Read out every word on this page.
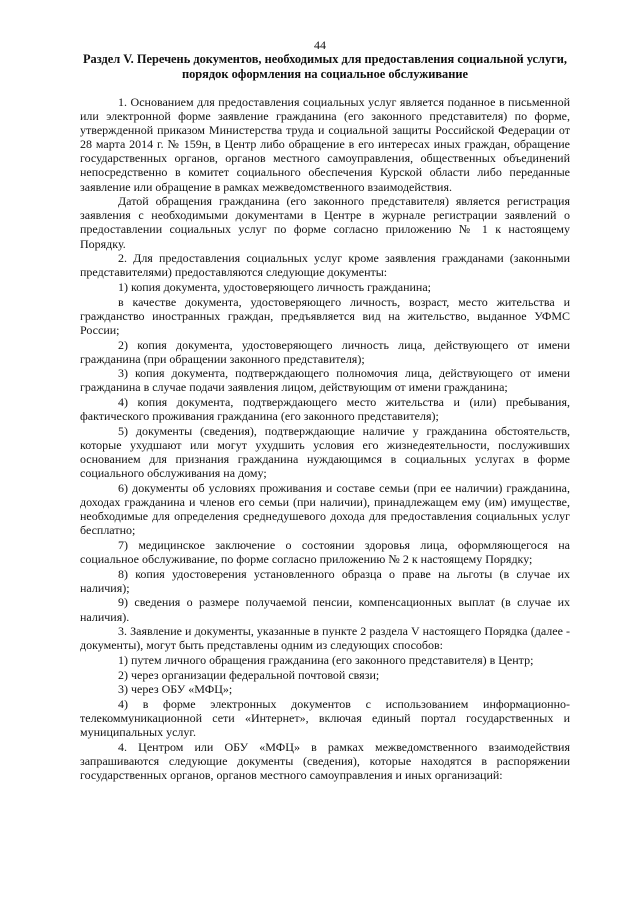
44
Раздел V. Перечень документов, необходимых для предоставления социальной услуги, порядок оформления на социальное обслуживание

1. Основанием для предоставления социальных услуг является поданное в письменной или электронной форме заявление гражданина (его законного представителя) по форме, утвержденной приказом Министерства труда и социальной защиты Российской Федерации от 28 марта 2014 г. № 159н, в Центр либо обращение в его интересах иных граждан, обращение государственных органов, органов местного самоуправления, общественных объединений непосредственно в комитет социального обеспечения Курской области либо переданные заявление или обращение в рамках межведомственного взаимодействия.

Датой обращения гражданина (его законного представителя) является регистрация заявления с необходимыми документами в Центре в журнале регистрации заявлений о предоставлении социальных услуг по форме согласно приложению № 1 к настоящему Порядку.

2. Для предоставления социальных услуг кроме заявления гражданами (законными представителями) предоставляются следующие документы:

1) копия документа, удостоверяющего личность гражданина;

в качестве документа, удостоверяющего личность, возраст, место жительства и гражданство иностранных граждан, предъявляется вид на жительство, выданное УФМС России;

2) копия документа, удостоверяющего личность лица, действующего от имени гражданина (при обращении законного представителя);

3) копия документа, подтверждающего полномочия лица, действующего от имени гражданина в случае подачи заявления лицом, действующим от имени гражданина;

4) копия документа, подтверждающего место жительства и (или) пребывания, фактического проживания гражданина (его законного представителя);

5) документы (сведения), подтверждающие наличие у гражданина обстоятельств, которые ухудшают или могут ухудшить условия его жизнедеятельности, послуживших основанием для признания гражданина нуждающимся в социальных услугах в форме социального обслуживания на дому;

6) документы об условиях проживания и составе семьи (при ее наличии) гражданина, доходах гражданина и членов его семьи (при наличии), принадлежащем ему (им) имуществе, необходимые для определения среднедушевого дохода для предоставления социальных услуг бесплатно;

7) медицинское заключение о состоянии здоровья лица, оформляющегося на социальное обслуживание, по форме согласно приложению № 2 к настоящему Порядку;

8) копия удостоверения установленного образца о праве на льготы (в случае их наличия);

9) сведения о размере получаемой пенсии, компенсационных выплат (в случае их наличия).

3. Заявление и документы, указанные в пункте 2 раздела V настоящего Порядка (далее - документы), могут быть представлены одним из следующих способов:

1) путем личного обращения гражданина (его законного представителя) в Центр;

2) через организации федеральной почтовой связи;

3) через ОБУ «МФЦ»;

4) в форме электронных документов с использованием информационно-телекоммуникационной сети «Интернет», включая единый портал государственных и муниципальных услуг.

4. Центром или ОБУ «МФЦ» в рамках межведомственного взаимодействия запрашиваются следующие документы (сведения), которые находятся в распоряжении государственных органов, органов местного самоуправления и иных организаций:
